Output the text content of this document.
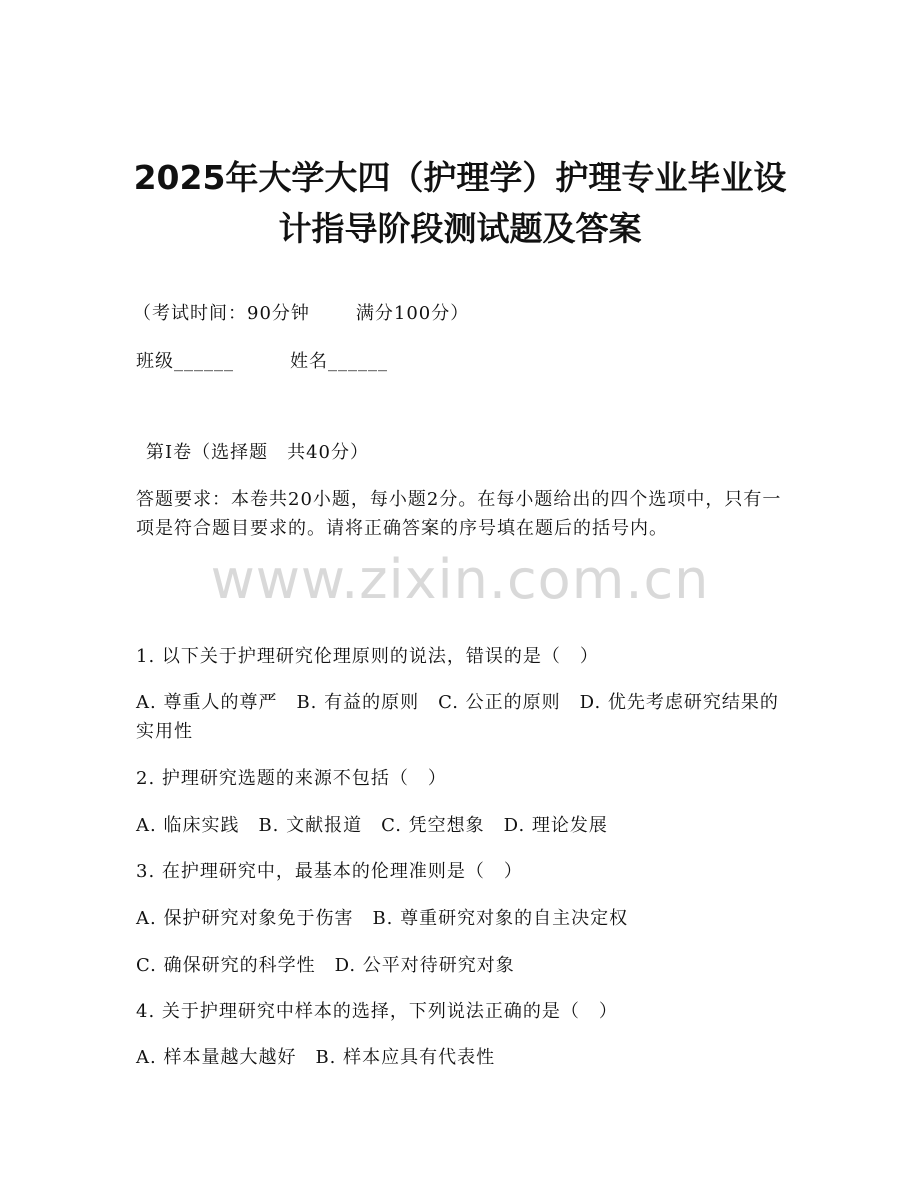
2025年大学大四（护理学）护理专业毕业设
计指导阶段测试题及答案
（考试时间：90分钟	满分100分）
班级______	姓名______
第I卷（选择题　共40分）
答题要求：本卷共20小题，每小题2分。在每小题给出的四个选项中，只有一项是符合题目要求的。请将正确答案的序号填在题后的括号内。
www.zixin.com.cn
1. 以下关于护理研究伦理原则的说法，错误的是（　）
A. 尊重人的尊严　B. 有益的原则　C. 公正的原则　D. 优先考虑研究结果的实用性
2. 护理研究选题的来源不包括（　）
A. 临床实践　B. 文献报道　C. 凭空想象　D. 理论发展
3. 在护理研究中，最基本的伦理准则是（　）
A. 保护研究对象免于伤害　B. 尊重研究对象的自主决定权
C. 确保研究的科学性　D. 公平对待研究对象
4. 关于护理研究中样本的选择，下列说法正确的是（　）
A. 样本量越大越好　B. 样本应具有代表性
